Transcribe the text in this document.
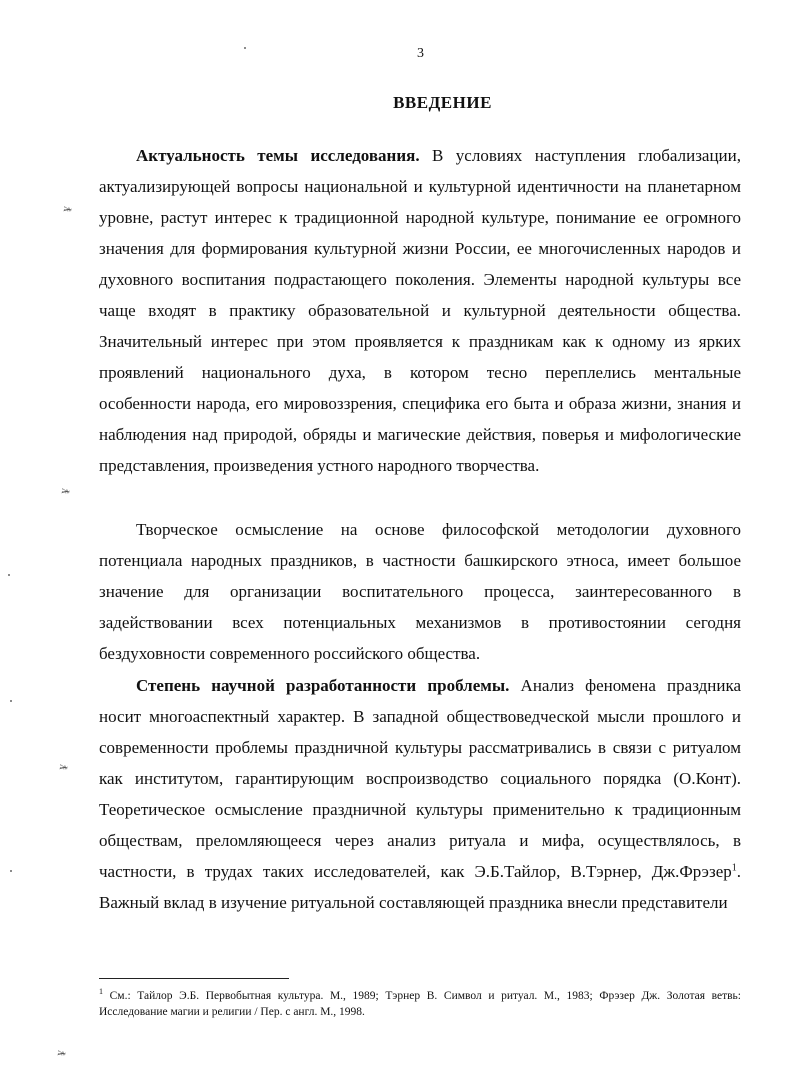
3
ВВЕДЕНИЕ

Актуальность темы исследования. В условиях наступления глобализации, актуализирующей вопросы национальной и культурной идентичности на планетарном уровне, растут интерес к традиционной народной культуре, понимание ее огромного значения для формирования культурной жизни России, ее многочисленных народов и духовного воспитания подрастающего поколения. Элементы народной культуры все чаще входят в практику образовательной и культурной деятельности общества. Значительный интерес при этом проявляется к праздникам как к одному из ярких проявлений национального духа, в котором тесно переплелись ментальные особенности народа, его мировоззрения, специфика его быта и образа жизни, знания и наблюдения над природой, обряды и магические действия, поверья и мифологические представления, произведения устного народного творчества.

Творческое осмысление на основе философской методологии духовного потенциала народных праздников, в частности башкирского этноса, имеет большое значение для организации воспитательного процесса, заинтересованного в задействовании всех потенциальных механизмов в противостоянии сегодня бездуховности современного российского общества.

Степень научной разработанности проблемы. Анализ феномена праздника носит многоаспектный характер. В западной обществоведческой мысли прошлого и современности проблемы праздничной культуры рассматривались в связи с ритуалом как институтом, гарантирующим воспроизводство социального порядка (О.Конт). Теоретическое осмысление праздничной культуры применительно к традиционным обществам, преломляющееся через анализ ритуала и мифа, осуществлялось, в частности, в трудах таких исследователей, как Э.Б.Тайлор, В.Тэрнер, Дж.Фрэзер$^1$. Важный вклад в изучение ритуальной составляющей праздника внесли представители

$^1$ См.: Тайлор Э.Б. Первобытная культура. М., 1989; Тэрнер В. Символ и ритуал. М., 1983; Фрэзер Дж. Золотая ветвь: Исследование магии и религии / Пер. с англ. М., 1998.

¥
¥
¥
¥
